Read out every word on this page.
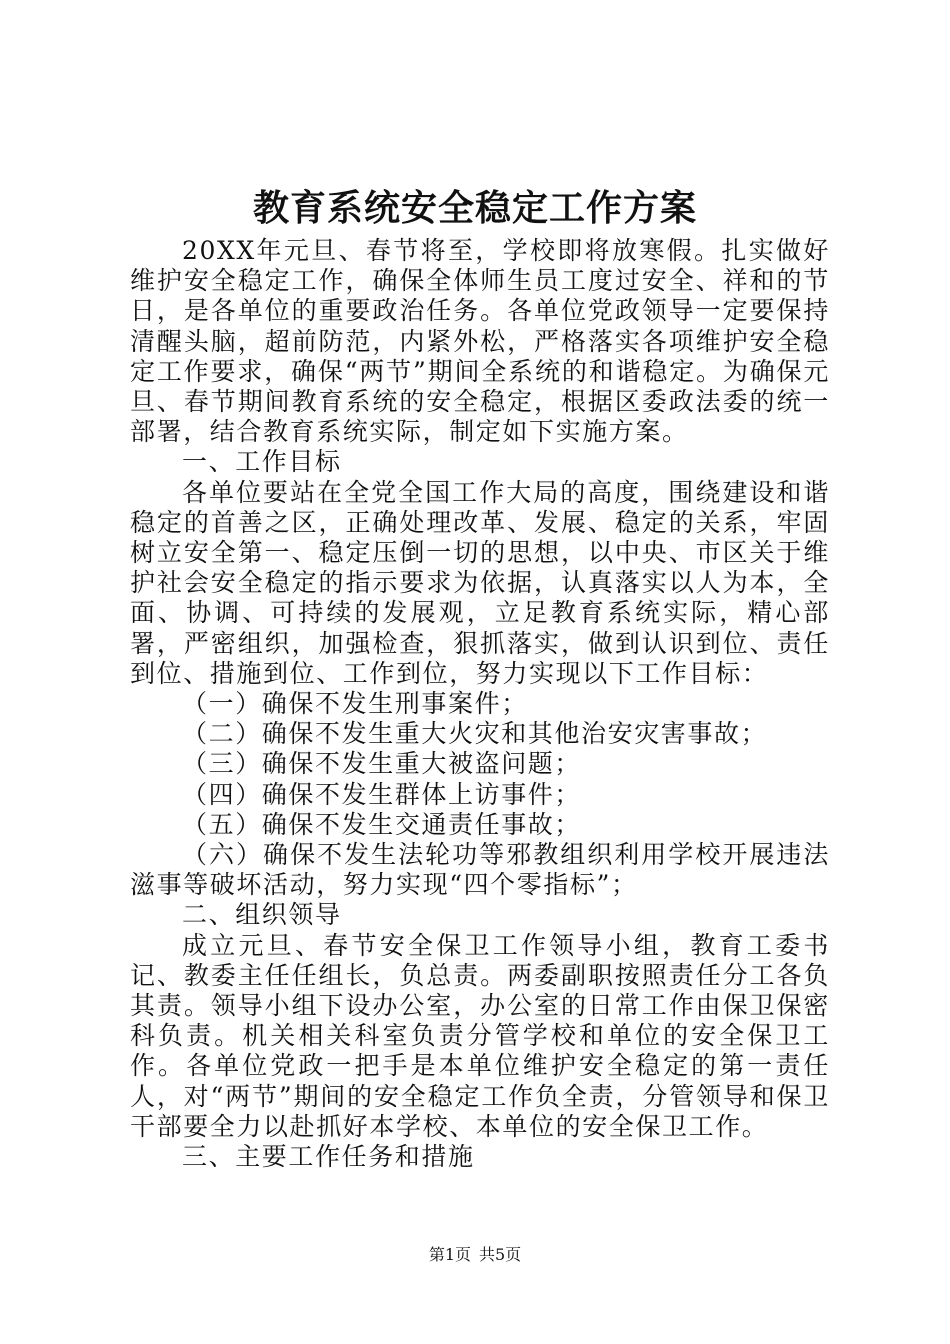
教育系统安全稳定工作方案

20XX年元旦、春节将至，学校即将放寒假。扎实做好维护安全稳定工作，确保全体师生员工度过安全、祥和的节日，是各单位的重要政治任务。各单位党政领导一定要保持清醒头脑，超前防范，内紧外松，严格落实各项维护安全稳定工作要求，确保“两节”期间全系统的和谐稳定。为确保元旦、春节期间教育系统的安全稳定，根据区委政法委的统一部署，结合教育系统实际，制定如下实施方案。

一、工作目标

各单位要站在全党全国工作大局的高度，围绕建设和谐稳定的首善之区，正确处理改革、发展、稳定的关系，牢固树立安全第一、稳定压倒一切的思想，以中央、市区关于维护社会安全稳定的指示要求为依据，认真落实以人为本，全面、协调、可持续的发展观，立足教育系统实际，精心部署，严密组织，加强检查，狠抓落实，做到认识到位、责任到位、措施到位、工作到位，努力实现以下工作目标：

（一）确保不发生刑事案件；

（二）确保不发生重大火灾和其他治安灾害事故；

（三）确保不发生重大被盗问题；

（四）确保不发生群体上访事件；

（五）确保不发生交通责任事故；

（六）确保不发生法轮功等邪教组织利用学校开展违法滋事等破坏活动，努力实现“四个零指标”；

二、组织领导

成立元旦、春节安全保卫工作领导小组，教育工委书记、教委主任任组长，负总责。两委副职按照责任分工各负其责。领导小组下设办公室，办公室的日常工作由保卫保密科负责。机关相关科室负责分管学校和单位的安全保卫工作。各单位党政一把手是本单位维护安全稳定的第一责任人，对“两节”期间的安全稳定工作负全责，分管领导和保卫干部要全力以赴抓好本学校、本单位的安全保卫工作。

三、主要工作任务和措施

第1页 共5页
